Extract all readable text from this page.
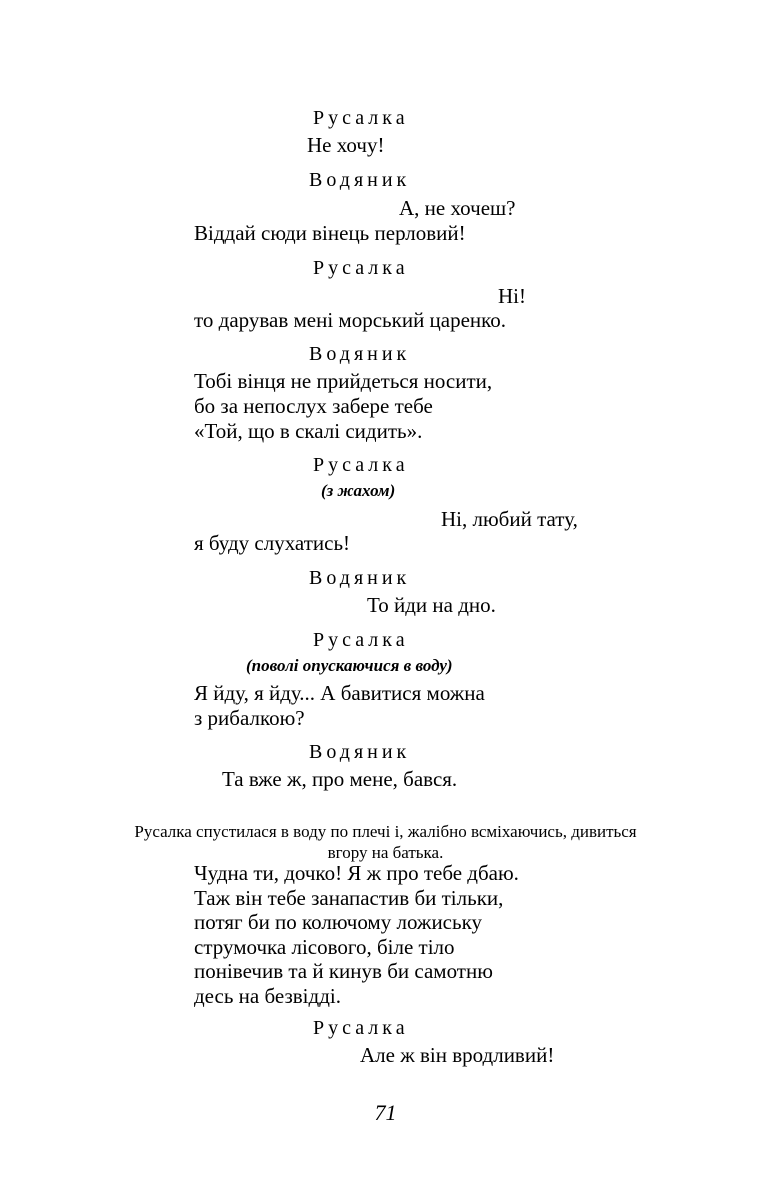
Русалка

Не хочу!

Водяник

А, не хочеш?

Віддай сюди вінець перловий!

Русалка

Ні!

то дарував мені морський царенко.

Водяник

Тобі вінця не прийдеться носити,

бо за непослух забере тебе

«Той, що в скалі сидить».

Русалка

(з жахом)

Ні, любий тату,

я буду слухатись!

Водяник

То йди на дно.

Русалка

(поволі опускаючися в воду)

Я йду, я йду... А бавитися можна

з рибалкою?

Водяник

Та вже ж, про мене, бався.

Русалка спустилася в воду по плечі і, жалібно всміхаючись, дивиться

вгору на батька.

Чудна ти, дочко! Я ж про тебе дбаю.

Таж він тебе занапастив би тільки,

потяг би по колючому ложиську

струмочка лісового, біле тіло

понівечив та й кинув би самотню

десь на безвідді.

Русалка

Але ж він вродливий!

71
